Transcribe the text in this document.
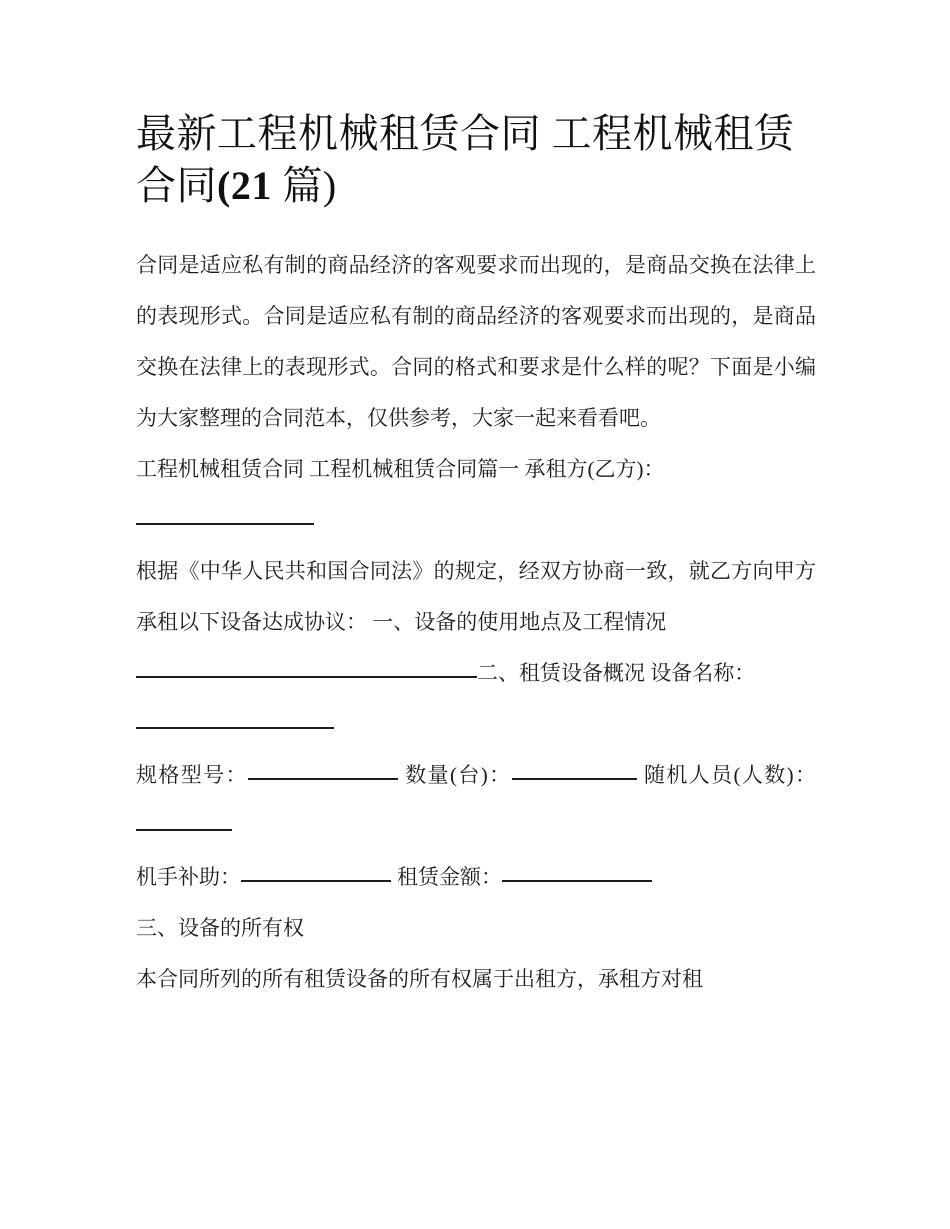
最新工程机械租赁合同 工程机械租赁合同(21 篇)

合同是适应私有制的商品经济的客观要求而出现的，是商品交换在法律上的表现形式。合同是适应私有制的商品经济的客观要求而出现的，是商品交换在法律上的表现形式。合同的格式和要求是什么样的呢？下面是小编为大家整理的合同范本，仅供参考，大家一起来看看吧。

工程机械租赁合同 工程机械租赁合同篇一 承租方(乙方)：

根据《中华人民共和国合同法》的规定，经双方协商一致，就乙方向甲方承租以下设备达成协议： 一、设备的使用地点及工程情况

二、租赁设备概况 设备名称：

规格型号：	数量(台)：	随机人员(人数)：

机手补助：	租赁金额：

三、设备的所有权

本合同所列的所有租赁设备的所有权属于出租方，承租方对租
